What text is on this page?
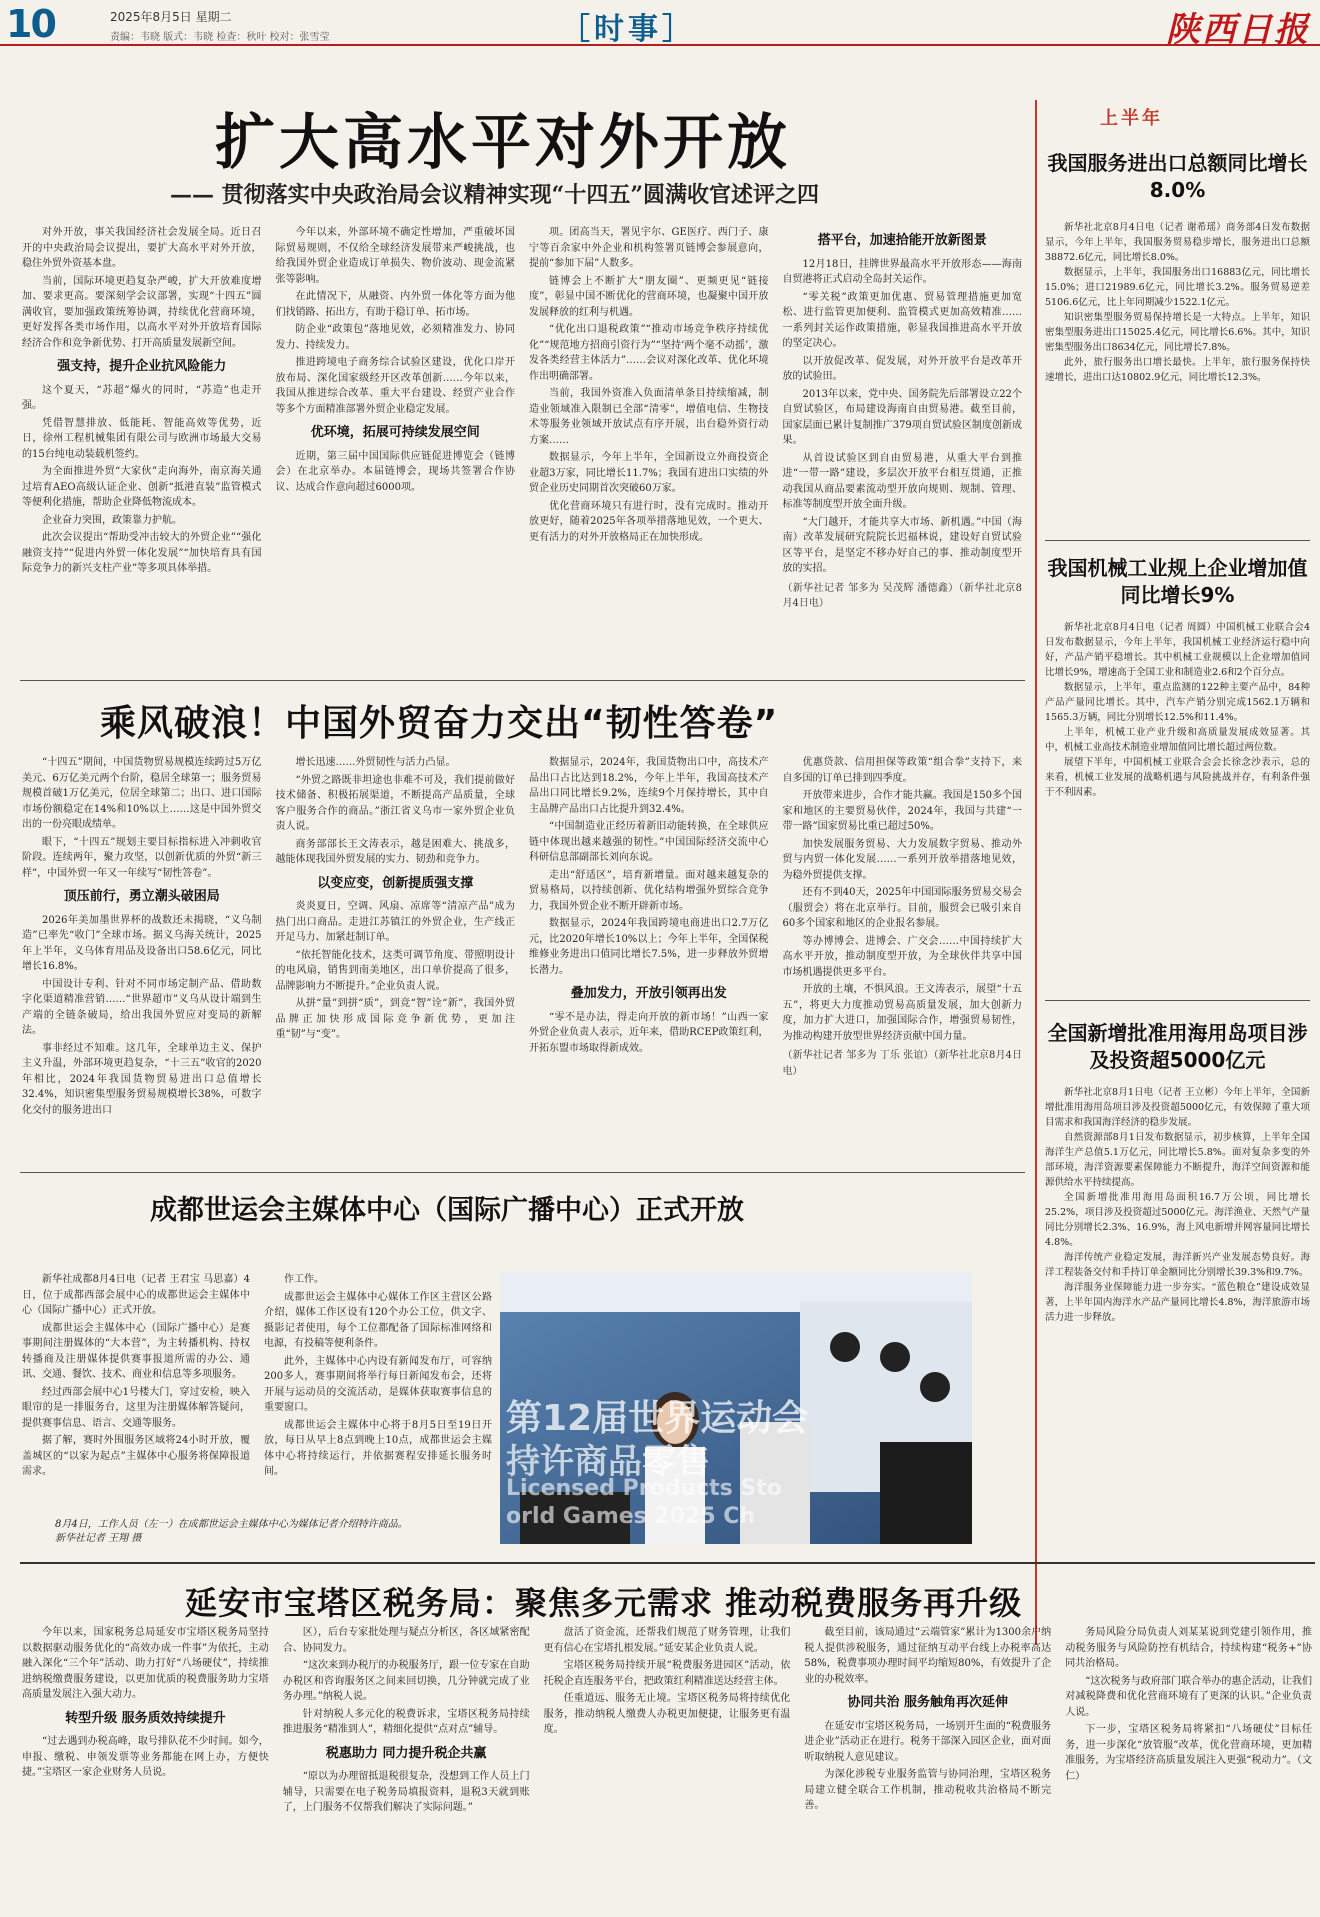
10	2025年8月5日 星期二
责编：韦晓 版式：韦晓 检查：秋叶 校对：张雪莹	［时事］	陕西日报
扩大高水平对外开放
—— 贯彻落实中央政治局会议精神实现“十四五”圆满收官述评之四

对外开放，事关我国经济社会发展全局。近日召开的中央政治局会议提出，要扩大高水平对外开放，稳住外贸外资基本盘。

当前，国际环境更趋复杂严峻，扩大开放难度增加、要求更高。要深刻学会议部署，实现“十四五”圆满收官，要加强政策统筹协调，持续优化营商环境，更好发挥各类市场作用，以高水平对外开放培育国际经济合作和竞争新优势、打开高质量发展新空间。

强支持，提升企业抗风险能力

这个夏天，“苏超”爆火的同时，“苏造”也走开强。

凭借智慧排放、低能耗、智能高效等优势，近日，徐州工程机械集团有限公司与欧洲市场最大交易的15台纯电动装载机签约。

为全面推进外贸“大家伙”走向海外，南京海关通过培育AEO高级认证企业、创新“抵港直装”监管模式等便利化措施，帮助企业降低物流成本。

企业奋力突围，政策靠力护航。

此次会议提出“帮助受冲击较大的外贸企业”“强化融资支持”“促进内外贸一体化发展”“加快培育具有国际竞争力的新兴支柱产业”等多项具体举措。

今年以来，外部环境不确定性增加，严重破坏国际贸易规则，不仅给全球经济发展带来严峻挑战，也给我国外贸企业造成订单损失、物价波动、现金流紧张等影响。

在此情况下，从融资、内外贸一体化等方面为他们找销路、拓出方，有助于稳订单、拓市场。

防企业“政策包”落地见效，必须精准发力、协同发力、持续发力。

推进跨境电子商务综合试验区建设，优化口岸开放布局、深化国家级经开区改革创新……今年以来，我国从推进综合改革、重大平台建设、经贸产业合作等多个方面精准部署外贸企业稳定发展。

优环境，拓展可持续发展空间

近期，第三届中国国际供应链促进博览会（链博会）在北京举办。本届链博会，现场共签署合作协议、达成合作意向超过6000项。

项。团高当天，署见宇尔、GE医疗、西门子、康宁等百余家中外企业和机构签署页链博会参展意向，提前“参加下届”人数多。

链博会上不断扩大“朋友圈”、更频更见“链接度”，彰显中国不断优化的营商环境，也凝聚中国开放发展释放的红利与机遇。

“优化出口退税政策”“推动市场竞争秩序持续优化”“规范地方招商引资行为”“坚持‘两个毫不动摇’，激发各类经营主体活力”……会议对深化改革、优化环境作出明确部署。

当前，我国外资准入负面清单条目持续缩减，制造业领域准入限制已全部“清零”，增值电信、生物技术等服务业领域开放试点有序开展，出台稳外资行动方案……

数据显示，今年上半年，全国新设立外商投资企业超3万家，同比增长11.7%；我国有进出口实绩的外贸企业历史同期首次突破60万家。

优化营商环境只有进行时，没有完成时。推动开放更好，随着2025年各项举措落地见效，一个更大、更有活力的对外开放格局正在加快形成。

搭平台，加速拾能开放新图景

12月18日，挂牌世界最高水平开放形态——海南自贸港将正式启动全岛封关运作。

“零关税”政策更加优惠、贸易管理措施更加宽松、进行监管更加便利、监管模式更加高效精准……一系列封关运作政策措施，彰显我国推进高水平开放的坚定决心。

以开放促改革、促发展，对外开放平台是改革开放的试验田。

2013年以来，党中央、国务院先后部署设立22个自贸试验区，布局建设海南自由贸易港。截至目前，国家层面已累计复制推广379项自贸试验区制度创新成果。

从首设试验区到自由贸易港，从重大平台到推进“一带一路”建设，多层次开放平台相互贯通，正推动我国从商品要素流动型开放向规则、规制、管理、标准等制度型开放全面升级。

“大门越开，才能共享大市场、新机遇。”中国（海南）改革发展研究院院长迟福林说，建设好自贸试验区等平台，是坚定不移办好自己的事、推动制度型开放的实招。

（新华社记者 邹多为 吴茂辉 潘德鑫）（新华社北京8月4日电）

上半年
我国服务进出口总额同比增长8.0%

新华社北京8月4日电（记者 谢希瑶）商务部4日发布数据显示，今年上半年，我国服务贸易稳步增长，服务进出口总额38872.6亿元，同比增长8.0%。

数据显示，上半年，我国服务出口16883亿元，同比增长15.0%；进口21989.6亿元，同比增长3.2%。服务贸易逆差5106.6亿元，比上年同期减少1522.1亿元。

知识密集型服务贸易保持增长是一大特点。上半年，知识密集型服务进出口15025.4亿元，同比增长6.6%。其中，知识密集型服务出口8634亿元，同比增长7.8%。

此外，旅行服务出口增长最快。上半年，旅行服务保持快速增长，进出口达10802.9亿元，同比增长12.3%。

我国机械工业规上企业增加值同比增长9%

新华社北京8月4日电（记者 周圆）中国机械工业联合会4日发布数据显示，今年上半年，我国机械工业经济运行稳中向好，产品产销平稳增长。其中机械工业规模以上企业增加值同比增长9%，增速高于全国工业和制造业2.6和2个百分点。

数据显示，上半年，重点监测的122种主要产品中，84种产品产量同比增长。其中，汽车产销分别完成1562.1万辆和1565.3万辆，同比分别增长12.5%和11.4%。

上半年，机械工业产业升级和高质量发展成效显著。其中，机械工业高技术制造业增加值同比增长超过两位数。

展望下半年，中国机械工业联合会会长徐念沙表示，总的来看，机械工业发展的战略机遇与风险挑战并存，有利条件强于不利因素。

全国新增批准用海用岛项目涉及投资超5000亿元

新华社北京8月1日电（记者 王立彬）今年上半年，全国新增批准用海用岛项目涉及投资超5000亿元，有效保障了重大项目需求和我国海洋经济的稳步发展。

自然资源部8月1日发布数据显示，初步核算，上半年全国海洋生产总值5.1万亿元，同比增长5.8%。面对复杂多变的外部环境，海洋资源要素保障能力不断提升，海洋空间资源和能源供给水平持续提高。

全国新增批准用海用岛面积16.7万公顷，同比增长25.2%，项目涉及投资超过5000亿元。海洋渔业、天然气产量同比分别增长2.3%、16.9%，海上风电新增并网容量同比增长4.8%。

海洋传统产业稳定发展，海洋新兴产业发展态势良好。海洋工程装备交付和手持订单金额同比分别增长39.3%和9.7%。

海洋服务业保障能力进一步夯实。“蓝色粮仓”建设成效显著，上半年国内海洋水产品产量同比增长4.8%，海洋旅游市场活力进一步释放。

乘风破浪！中国外贸奋力交出“韧性答卷”

“十四五”期间，中国货物贸易规模连续跨过5万亿美元、6万亿美元两个台阶，稳居全球第一；服务贸易规模首破1万亿美元，位居全球第二；出口、进口国际市场份额稳定在14%和10%以上……这是中国外贸交出的一份亮眼成绩单。

眼下，“十四五”规划主要目标指标进入冲刺收官阶段。连续两年，聚力攻坚，以创新优质的外贸“新三样”，中国外贸一年又一年续写“韧性答卷”。

顶压前行，勇立潮头破困局

2026年美加墨世界杯的战数还未揭晓，“义乌制造”已率先“收门”全球市场。据义乌海关统计，2025年上半年，义乌体育用品及设备出口58.6亿元，同比增长16.8%。

中国设计专利、针对不同市场定制产品、借助数字化渠道精准营销……“世界超市”义乌从设计端到生产端的全链条破局，给出我国外贸应对变局的新解法。

事非经过不知难。这几年，全球单边主义、保护主义升温，外部环境更趋复杂，“十三五”收官的2020年相比，2024年我国货物贸易进出口总值增长32.4%，知识密集型服务贸易规模增长38%，可数字化交付的服务进出口

增长迅速……外贸韧性与活力凸显。

“外贸之路既非坦途也非难不可及，我们提前做好技术储备、积极拓展渠道，不断提高产品质量，全球客户服务合作的商品。”浙江省义乌市一家外贸企业负责人说。

商务部部长王文涛表示，越是困难大、挑战多，越能体现我国外贸发展的实力、韧劲和竞争力。

以变应变，创新提质强支撑

炎炎夏日，空调、风扇、凉席等“清凉产品”成为热门出口商品。走进江苏镇江的外贸企业，生产线正开足马力、加紧赶制订单。

“依托智能化技术，这类可调节角度、带照明设计的电风扇，销售到南美地区，出口单价提高了很多，品牌影响力不断提升。”企业负责人说。

从拼“量”到拼“质”，到竞“智”诠“新”，我国外贸品牌正加快形成国际竞争新优势，更加注重“韧”与“变”。

数据显示，2024年，我国货物出口中，高技术产品出口占比达到18.2%，今年上半年，我国高技术产品出口同比增长9.2%，连续9个月保持增长，其中自主品牌产品出口占比提升到32.4%。

“中国制造业正经历着新旧动能转换，在全球供应链中体现出越来越强的韧性。”中国国际经济交流中心科研信息部副部长刘向东说。

走出“舒适区”，培育新增量。面对越来越复杂的贸易格局，以持续创新、优化结构增强外贸综合竞争力，我国外贸企业不断开辟新市场。

数据显示，2024年我国跨境电商进出口2.7万亿元，比2020年增长10%以上；今年上半年，全国保税维修业务进出口值同比增长7.5%，进一步释放外贸增长潜力。

叠加发力，开放引领再出发

“零不是办法，得走向开放的新市场！”山西一家外贸企业负责人表示，近年来，借助RCEP政策红利，开拓东盟市场取得新成效。

优惠贷款、信用担保等政策“组合拳”支持下，来自多国的订单已排到四季度。

开放带来进步，合作才能共赢。我国是150多个国家和地区的主要贸易伙伴，2024年，我国与共建“一带一路”国家贸易比重已超过50%。

加快发展服务贸易、大力发展数字贸易、推动外贸与内贸一体化发展……一系列开放举措落地见效，为稳外贸提供支撑。

还有不到40天，2025年中国国际服务贸易交易会（服贸会）将在北京举行。目前，服贸会已吸引来自60多个国家和地区的企业报名参展。

等办博博会、进博会、广交会……中国持续扩大高水平开放，推动制度型开放，为全球伙伴共享中国市场机遇提供更多平台。

开放的土壤，不惧风浪。王文涛表示，展望“十五五”，将更大力度推动贸易高质量发展，加大创新力度，加力扩大进口，加强国际合作，增强贸易韧性，为推动构建开放型世界经济贡献中国力量。

（新华社记者 邹多为 丁乐 张谊）（新华社北京8月4日电）

成都世运会主媒体中心（国际广播中心）正式开放

新华社成都8月4日电（记者 王君宝 马思嘉）4日，位于成都西部会展中心的成都世运会主媒体中心（国际广播中心）正式开放。

成都世运会主媒体中心（国际广播中心）是赛事期间注册媒体的“大本营”，为主转播机构、持权转播商及注册媒体提供赛事报道所需的办公、通讯、交通、餐饮、技术、商业和信息等多项服务。

经过西部会展中心1号楼大门，穿过安检，映入眼帘的是一排服务台，这里为注册媒体解答疑问，提供赛事信息、语言、交通等服务。

据了解，赛时外围服务区域将24小时开放，覆盖城区的“以家为起点”主媒体中心服务将保障报道需求。

作工作。

成都世运会主媒体中心媒体工作区主营区公路介绍，媒体工作区设有120个办公工位，供文字、摄影记者使用，每个工位都配备了国际标准网络和电源，有投稿等便利条件。

此外，主媒体中心内设有新闻发布厅，可容纳200多人，赛事期间将举行每日新闻发布会，还将开展与运动员的交流活动，是媒体获取赛事信息的重要窗口。

成都世运会主媒体中心将于8月5日至19日开放，每日从早上8点到晚上10点，成都世运会主媒体中心将持续运行，并依据赛程安排延长服务时间。

第12届世界运动会
持许商品零售
Licensed Products Sto
orld Games 2025 Ch
8月4日，工作人员（左一）在成都世运会主媒体中心为媒体记者介绍特许商品。
新华社记者 王翔 摄
延安市宝塔区税务局：聚焦多元需求 推动税费服务再升级

今年以来，国家税务总局延安市宝塔区税务局坚持以数据驱动服务优化的“高效办成一件事”为依托，主动融入深化“三个年”活动、助力打好“八场硬仗”，持续推进纳税缴费服务建设，以更加优质的税费服务助力宝塔高质量发展注入强大动力。

转型升级 服务质效持续提升

“过去遇到办税高峰，取号排队花不少时间。如今，申报、缴税、申领发票等业务都能在网上办，方便快捷。”宝塔区一家企业财务人员说。

区），后台专家批处理与疑点分析区，各区域紧密配合、协同发力。

“这次来到办税厅的办税服务厅，跟一位专家在自助办税区和咨询服务区之间来回切换，几分钟就完成了业务办理。”纳税人说。

针对纳税人多元化的税费诉求，宝塔区税务局持续推进服务“精准到人”，精细化提供“点对点”辅导。

税惠助力 同力提升税企共赢

“原以为办理留抵退税很复杂，没想到工作人员上门辅导，只需要在电子税务局填报资料，退税3天就到账了，上门服务不仅帮我们解决了实际问题。”

盘活了资金流，还帮我们规范了财务管理，让我们更有信心在宝塔扎根发展。”延安某企业负责人说。

宝塔区税务局持续开展“税费服务进园区”活动，依托税企直连服务平台，把政策红利精准送达经营主体。

任重道远、服务无止境。宝塔区税务局将持续优化服务，推动纳税人缴费人办税更加便捷，让服务更有温度。

截至目前，该局通过“云端管家”累计为1300余户纳税人提供涉税服务，通过征纳互动平台线上办税率高达58%，税费事项办理时间平均缩短80%，有效提升了企业的办税效率。

协同共治 服务触角再次延伸

在延安市宝塔区税务局，一场别开生面的“税费服务进企业”活动正在进行。税务干部深入园区企业，面对面听取纳税人意见建议。

为深化涉税专业服务监管与协同治理，宝塔区税务局建立健全联合工作机制，推动税收共治格局不断完善。

务局风险分局负责人刘某某说到党建引领作用，推动税务服务与风险防控有机结合，持续构建“税务+”协同共治格局。

“这次税务与政府部门联合举办的惠企活动，让我们对减税降费和优化营商环境有了更深的认识。”企业负责人说。

下一步，宝塔区税务局将紧扣“八场硬仗”目标任务，进一步深化“放管服”改革，优化营商环境，更加精准服务，为宝塔经济高质量发展注入更强“税动力”。（文仁）
